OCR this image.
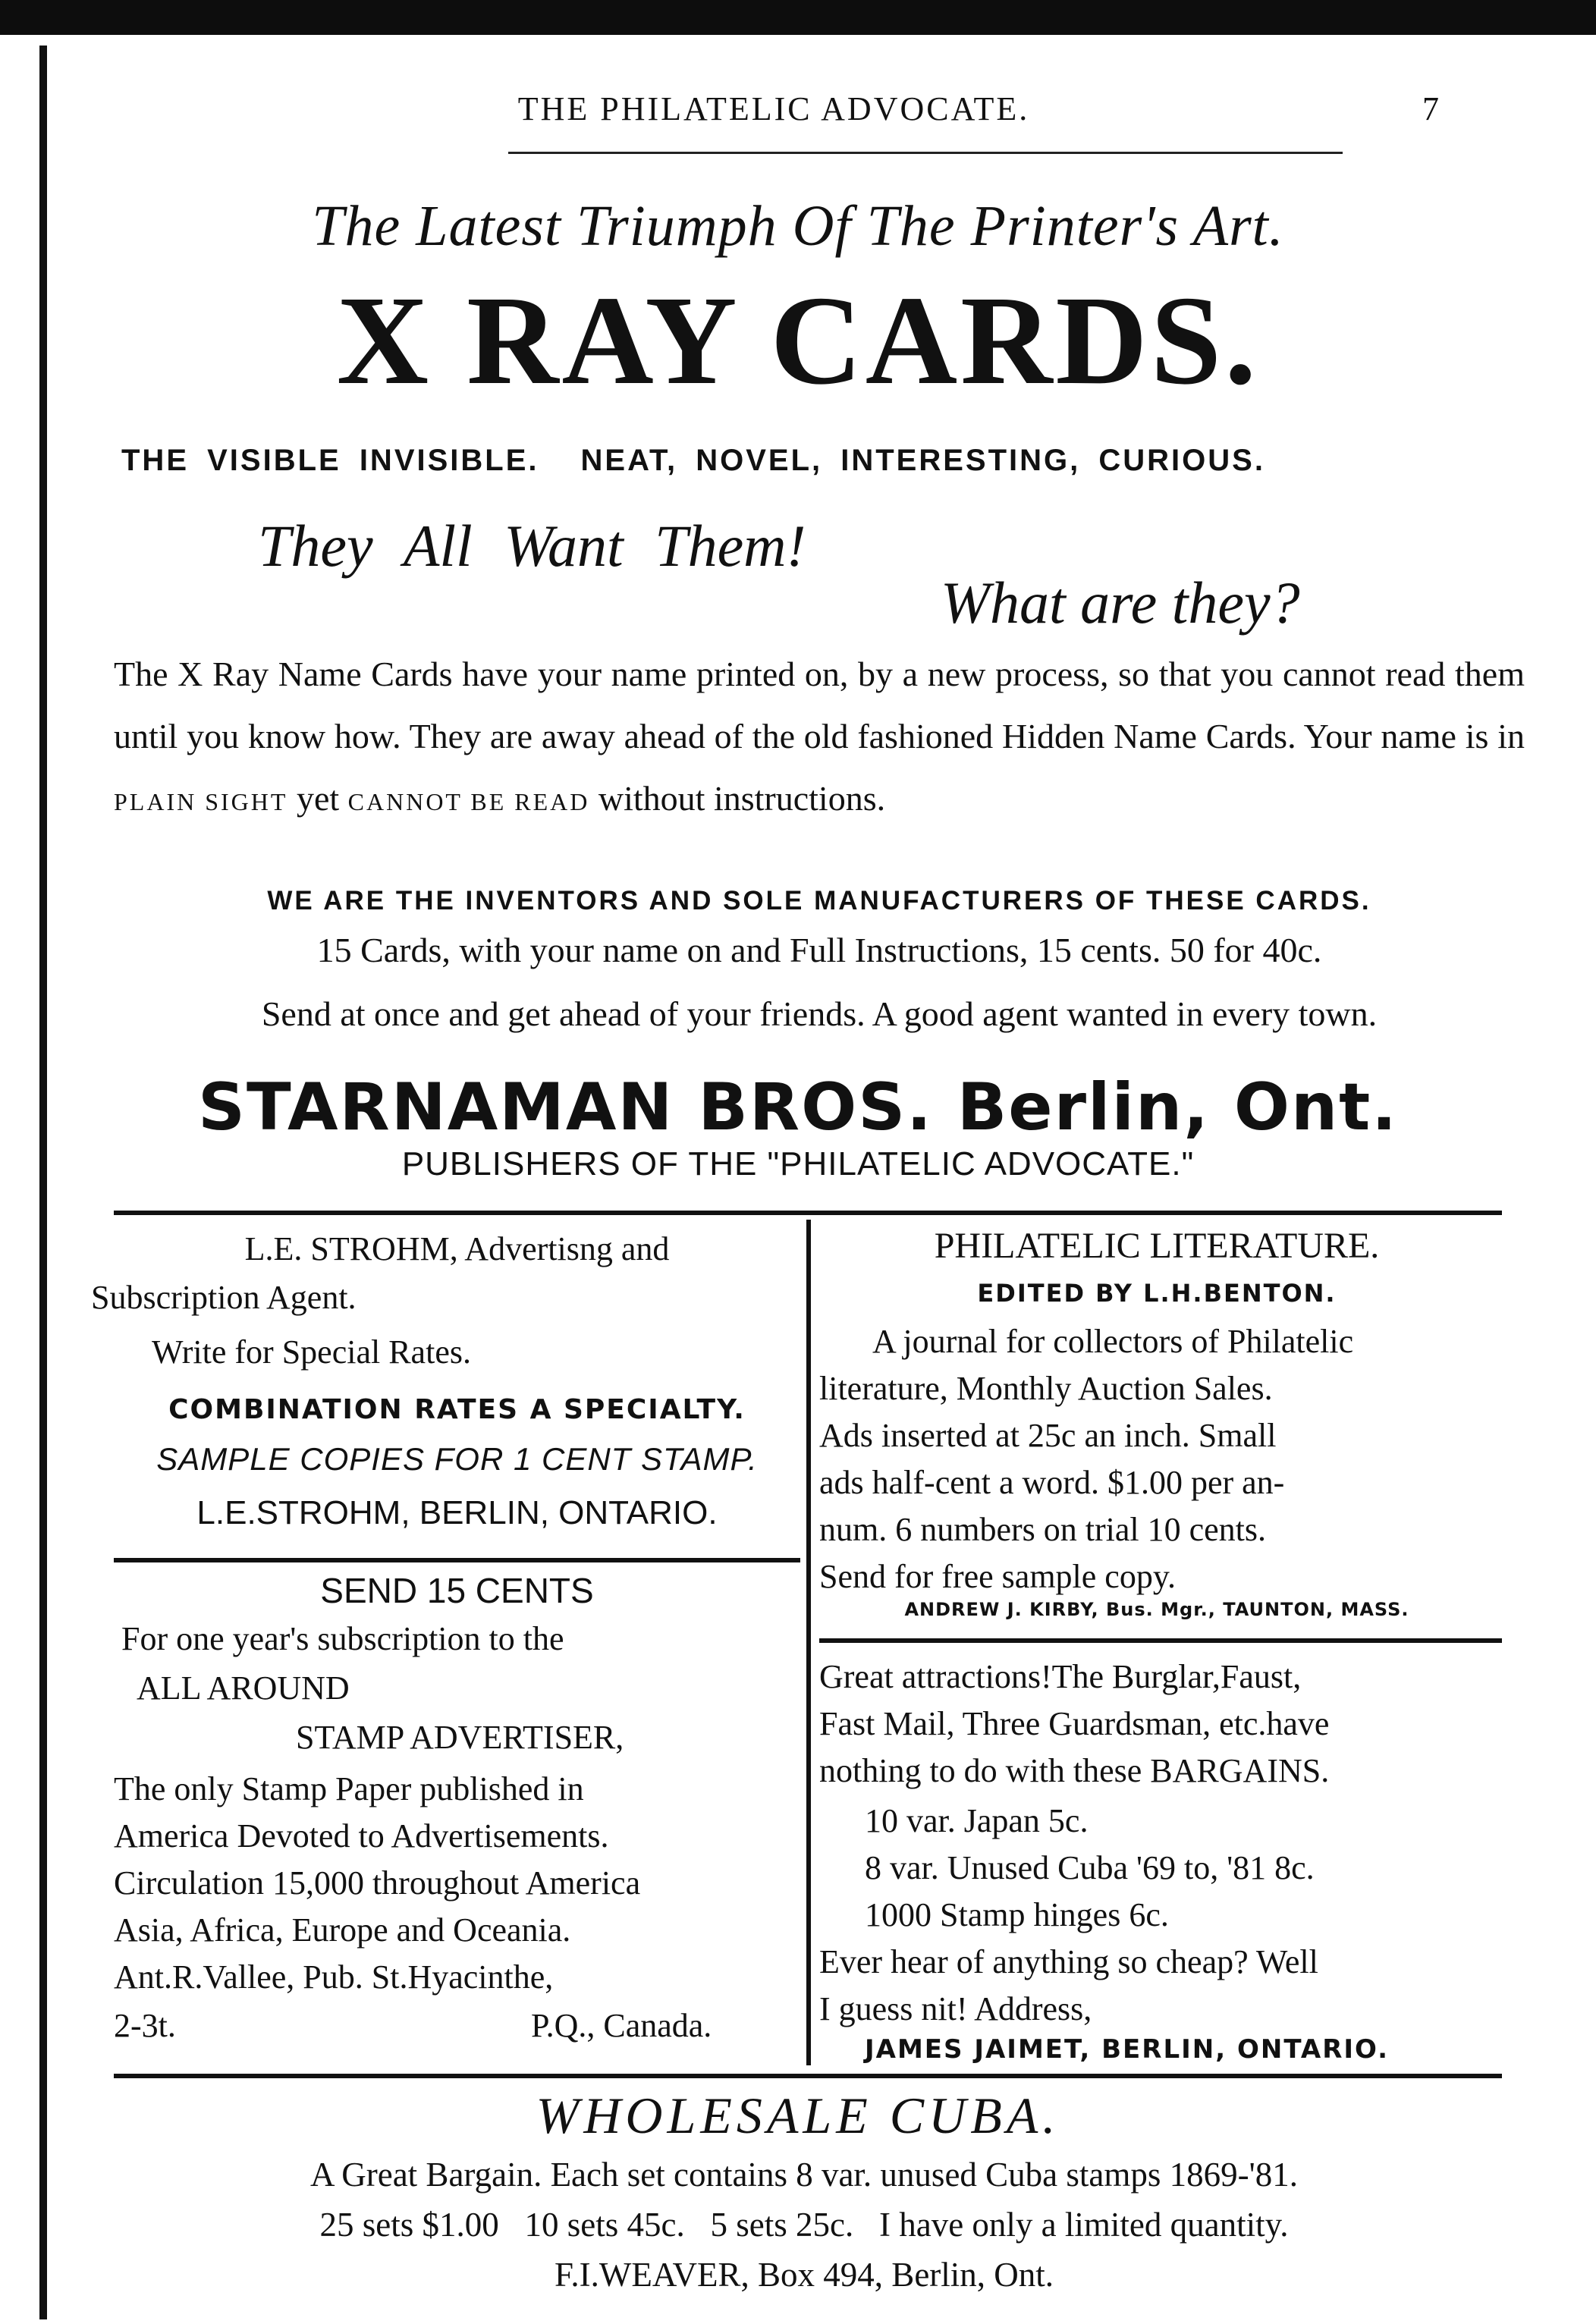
THE PHILATELIC ADVOCATE.	7
The Latest Triumph Of The Printer's Art.
X RAY CARDS.
THE VISIBLE INVISIBLE. NEAT, NOVEL, INTERESTING, CURIOUS.
They All Want Them!
What are they?
The X Ray Name Cards have your name printed on, by a new process, so that you cannot read them until you know how. They are away ahead of the old fashioned Hidden Name Cards. Your name is in PLAIN SIGHT yet CANNOT BE READ without instructions.
WE ARE THE INVENTORS AND SOLE MANUFACTURERS OF THESE CARDS.
15 Cards, with your name on and Full Instructions, 15 cents. 50 for 40c.
Send at once and get ahead of your friends. A good agent wanted in every town.
STARNAMAN BROS. Berlin, Ont.
PUBLISHERS OF THE "PHILATELIC ADVOCATE."
L.E. STROHM, Advertisng and
Subscription Agent.
Write for Special Rates.
COMBINATION RATES A SPECIALTY.
SAMPLE COPIES FOR 1 CENT STAMP.
L.E.STROHM, BERLIN, ONTARIO.
SEND 15 CENTS
For one year's subscription to the
ALL AROUND
STAMP ADVERTISER,
The only Stamp Paper published in
America Devoted to Advertisements.
Circulation 15,000 throughout America
Asia, Africa, Europe and Oceania.
Ant.R.Vallee, Pub. St.Hyacinthe,
2-3t.	P.Q., Canada.
PHILATELIC LITERATURE.
EDITED BY L.H.BENTON.
A journal for collectors of Philatelic
literature, Monthly Auction Sales.
Ads inserted at 25c an inch. Small
ads half-cent a word. $1.00 per an-
num. 6 numbers on trial 10 cents.
Send for free sample copy.
ANDREW J. KIRBY, Bus. Mgr., TAUNTON, MASS.
Great attractions!The Burglar,Faust,
Fast Mail, Three Guardsman, etc.have
nothing to do with these BARGAINS.
10 var. Japan 5c.
8 var. Unused Cuba '69 to, '81 8c.
1000 Stamp hinges 6c.
Ever hear of anything so cheap? Well
I guess nit! Address,
JAMES JAIMET, BERLIN, ONTARIO.
WHOLESALE CUBA.
A Great Bargain. Each set contains 8 var. unused Cuba stamps 1869-'81.
25 sets $1.00   10 sets 45c.   5 sets 25c.   I have only a limited quantity.
F.I.WEAVER, Box 494, Berlin, Ont.
